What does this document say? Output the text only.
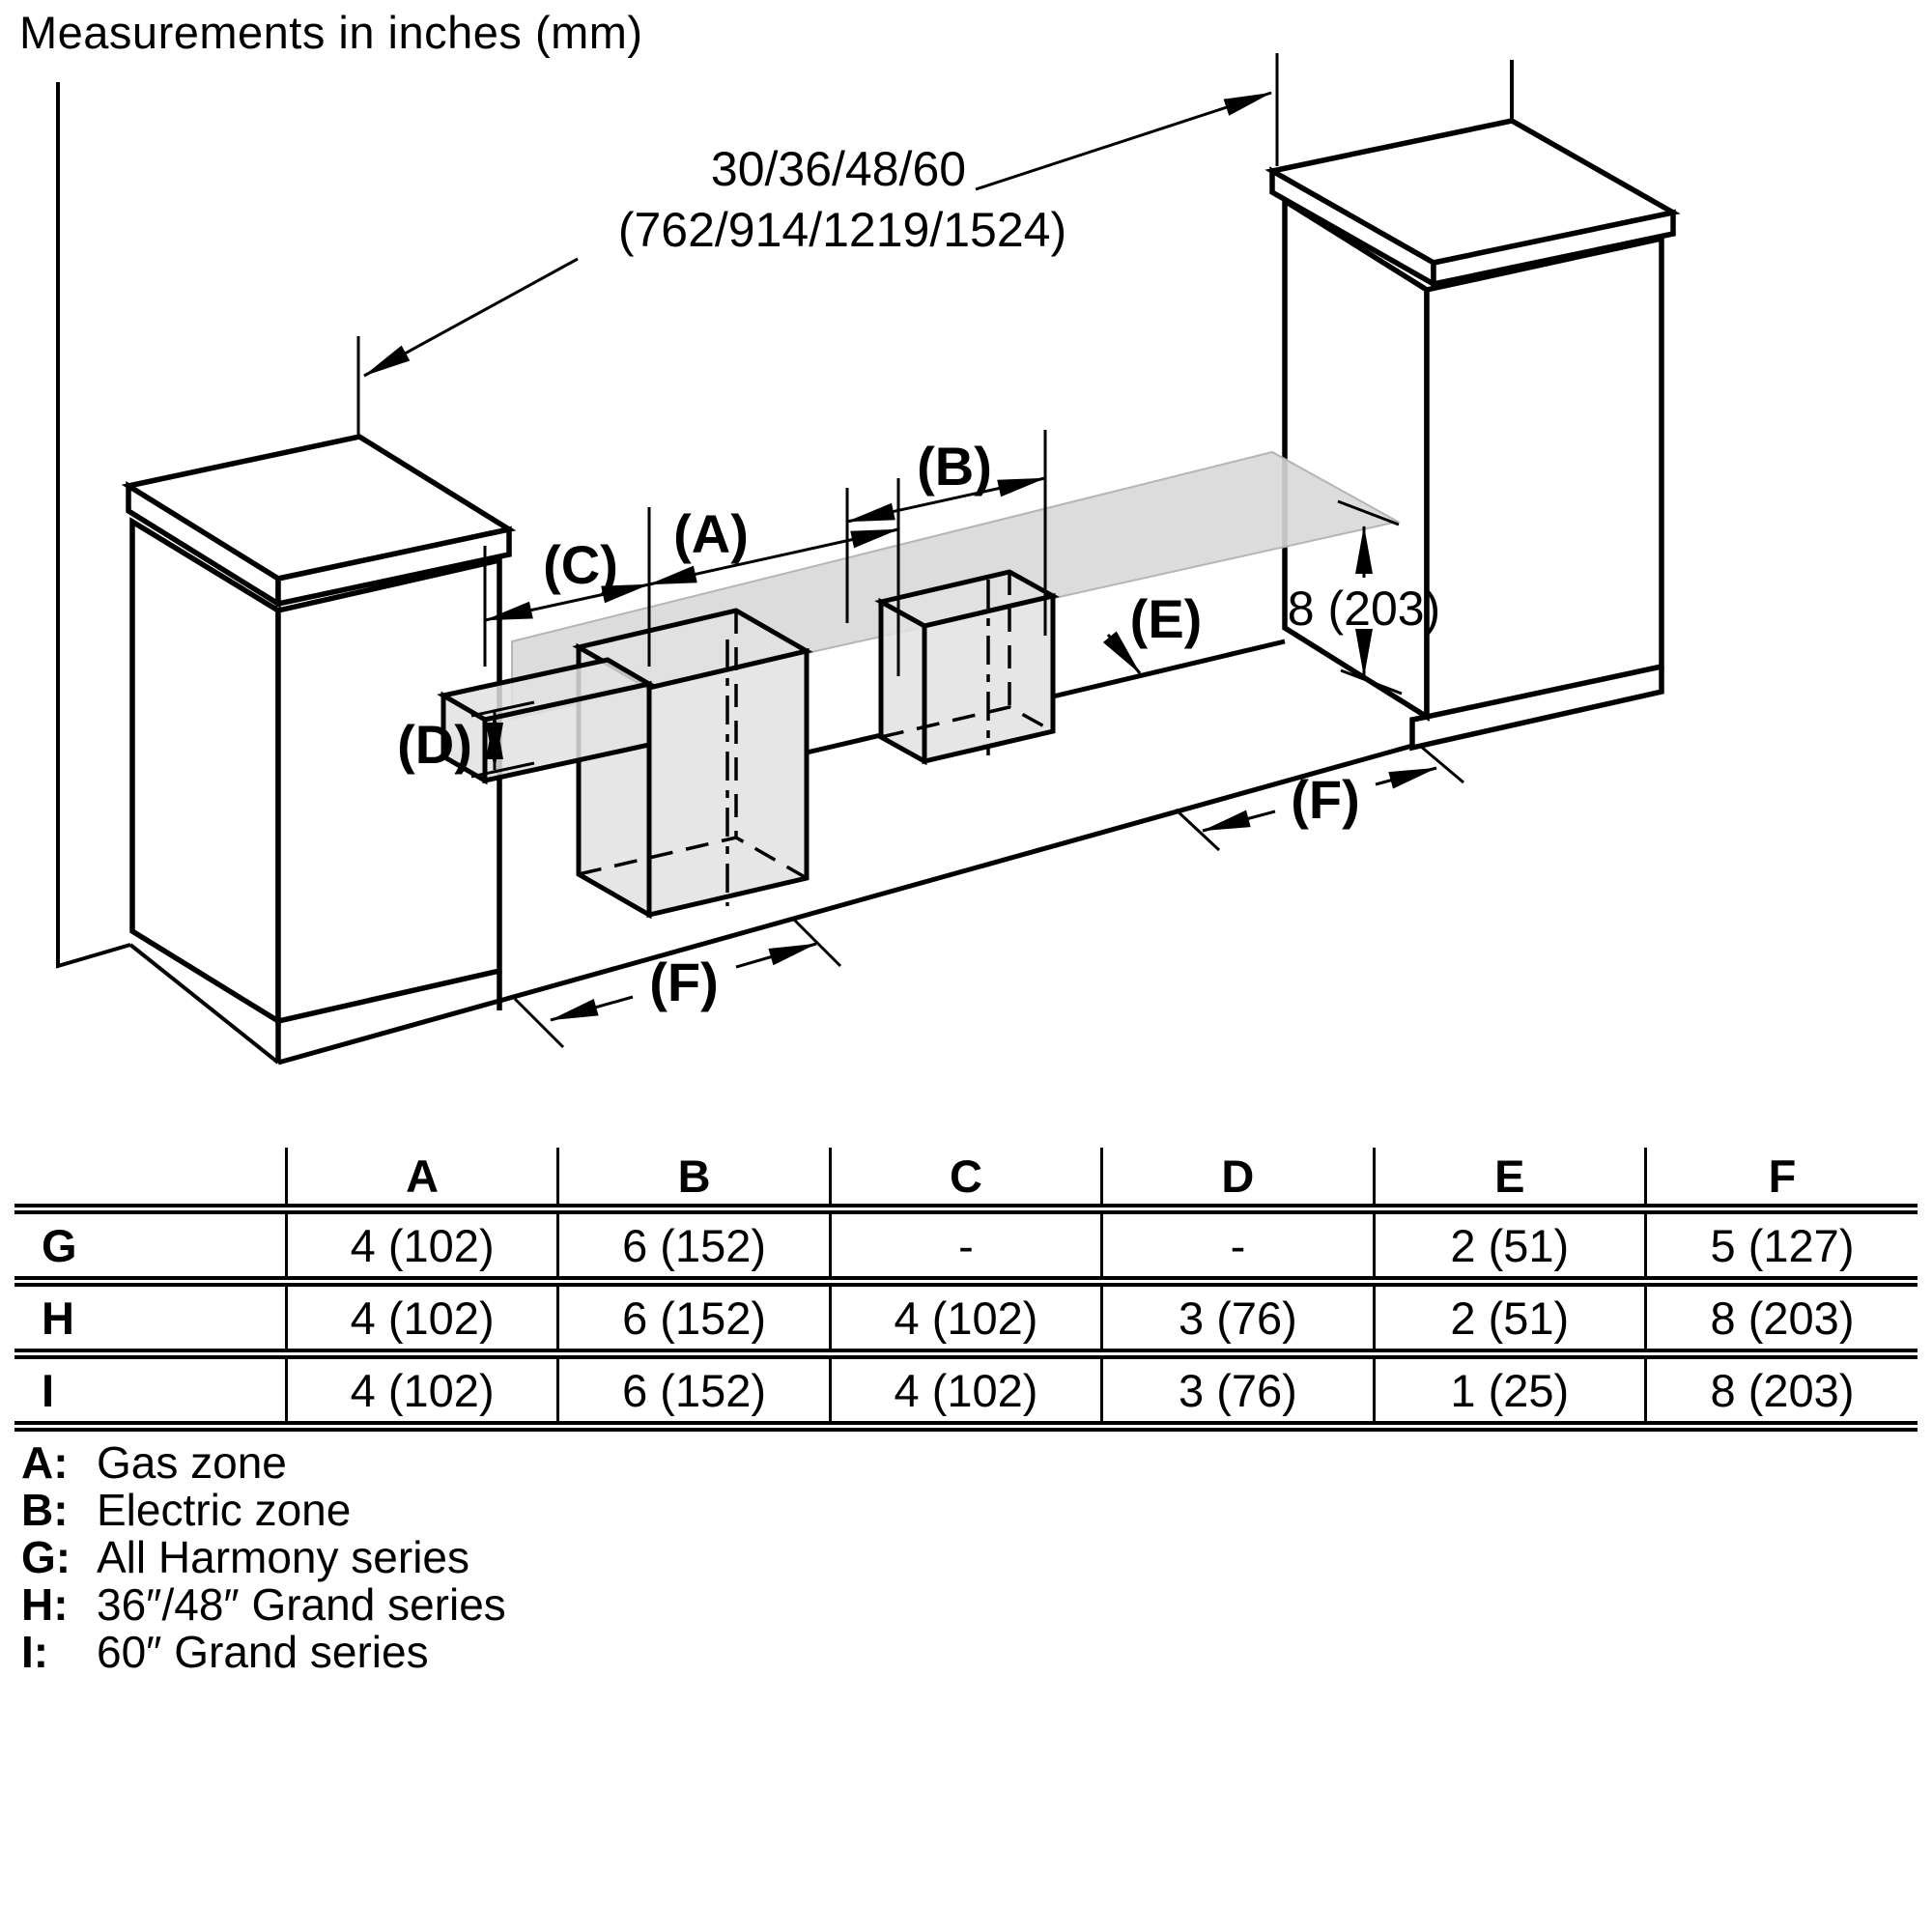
Measurements in inches (mm)
30/36/48/60
(762/914/1219/1524)
(C)
(A)
(B)
(D)
(E)
(F)
(F)
8 (203)
	A	B	C	D	E	F
G	4 (102)	6 (152)	-	-	2 (51)	5 (127)
H	4 (102)	6 (152)	4 (102)	3 (76)	2 (51)	8 (203)
I	4 (102)	6 (152)	4 (102)	3 (76)	1 (25)	8 (203)
A: Gas zone
B: Electric zone
G: All Harmony series
H: 36″/48″ Grand series
I: 60″ Grand series
